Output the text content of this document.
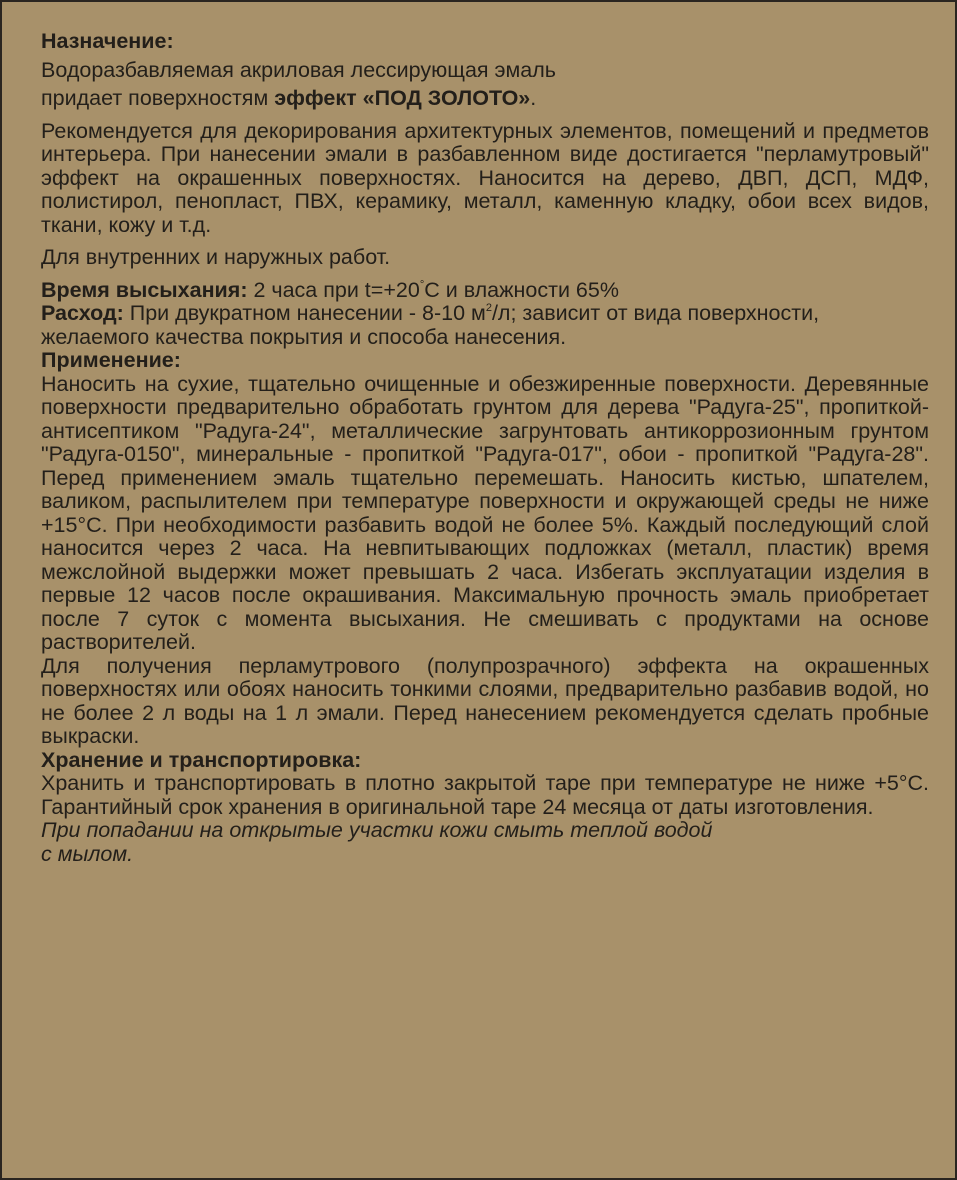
Назначение:

Водоразбавляемая акриловая лессирующая эмаль

придает поверхностям эффект «ПОД ЗОЛОТО».

Рекомендуется для декорирования архитектурных элементов, помещений и предметов интерьера. При нанесении эмали в разбавленном виде достигается "перламутровый" эффект на окрашенных поверхностях. Наносится на дерево, ДВП, ДСП, МДФ, полистирол, пенопласт, ПВХ, керамику, металл, каменную кладку, обои всех видов, ткани, кожу и т.д.

Для внутренних и наружных работ.

Время высыхания: 2 часа при t=+20°С и влажности 65%

Расход: При двукратном нанесении - 8-10 $м^2/л$; зависит от вида поверхности, желаемого качества покрытия и способа нанесения.

Применение:

Наносить на сухие, тщательно очищенные и обезжиренные поверхности. Деревянные поверхности предварительно обработать грунтом для дерева "Радуга-25", пропиткой-антисептиком "Радуга-24", металлические загрунтовать антикоррозионным грунтом "Радуга-0150", минеральные - пропиткой "Радуга-017", обои - пропиткой "Радуга-28". Перед применением эмаль тщательно перемешать. Наносить кистью, шпателем, валиком, распылителем при температуре поверхности и окружающей среды не ниже +15°С. При необходимости разбавить водой не более 5%. Каждый последующий слой наносится через 2 часа. На невпитывающих подложках (металл, пластик) время межслойной выдержки может превышать 2 часа. Избегать эксплуатации изделия в первые 12 часов после окрашивания. Максимальную прочность эмаль приобретает после 7 суток с момента высыхания. Не смешивать с продуктами на основе растворителей.

Для получения перламутрового (полупрозрачного) эффекта на окрашенных поверхностях или обоях наносить тонкими слоями, предварительно разбавив водой, но не более 2 л воды на 1 л эмали. Перед нанесением рекомендуется сделать пробные выкраски.

Хранение и транспортировка:

Хранить и транспортировать в плотно закрытой таре при температуре не ниже +5°С. Гарантийный срок хранения в оригинальной таре 24 месяца от даты изготовления.

При попадании на открытые участки кожи смыть теплой водой

с мылом.
